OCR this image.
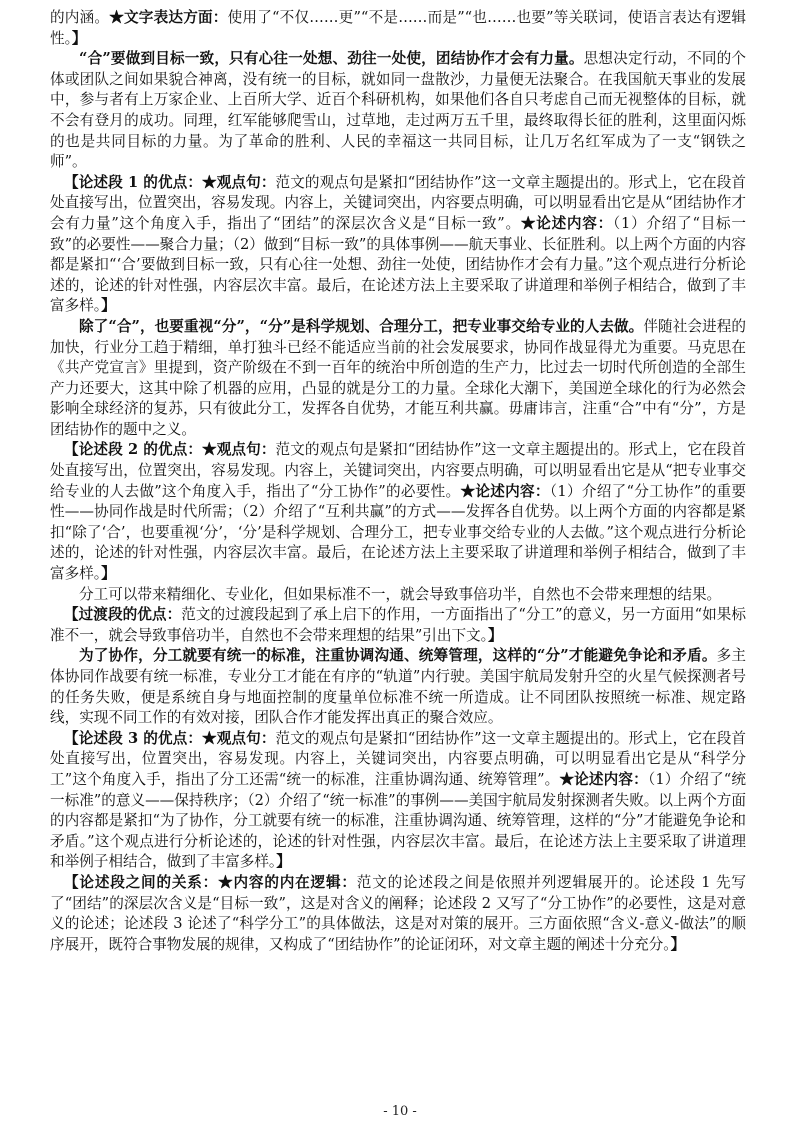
的内涵。★文字表达方面：使用了“不仅……更”“不是……而是”“也……也要”等关联词，使语言表达有逻辑性。】

“合”要做到目标一致，只有心往一处想、劲往一处使，团结协作才会有力量。思想决定行动，不同的个体或团队之间如果貌合神离，没有统一的目标，就如同一盘散沙，力量便无法聚合。在我国航天事业的发展中，参与者有上万家企业、上百所大学、近百个科研机构，如果他们各自只考虑自己而无视整体的目标，就不会有登月的成功。同理，红军能够爬雪山，过草地，走过两万五千里，最终取得长征的胜利，这里面闪烁的也是共同目标的力量。为了革命的胜利、人民的幸福这一共同目标，让几万名红军成为了一支“钢铁之师”。

【论述段 1 的优点：★观点句：范文的观点句是紧扣“团结协作”这一文章主题提出的。形式上，它在段首处直接写出，位置突出，容易发现。内容上，关键词突出，内容要点明确，可以明显看出它是从“团结协作才会有力量”这个角度入手，指出了“团结”的深层次含义是“目标一致”。★论述内容：（1）介绍了“目标一致”的必要性——聚合力量；（2）做到“目标一致”的具体事例——航天事业、长征胜利。以上两个方面的内容都是紧扣“‘合’要做到目标一致，只有心往一处想、劲往一处使，团结协作才会有力量。”这个观点进行分析论述的，论述的针对性强，内容层次丰富。最后，在论述方法上主要采取了讲道理和举例子相结合，做到了丰富多样。】

除了“合”，也要重视“分”，“分”是科学规划、合理分工，把专业事交给专业的人去做。伴随社会进程的加快，行业分工趋于精细，单打独斗已经不能适应当前的社会发展要求，协同作战显得尤为重要。马克思在《共产党宣言》里提到，资产阶级在不到一百年的统治中所创造的生产力，比过去一切时代所创造的全部生产力还要大，这其中除了机器的应用，凸显的就是分工的力量。全球化大潮下，美国逆全球化的行为必然会影响全球经济的复苏，只有彼此分工，发挥各自优势，才能互利共赢。毋庸讳言，注重“合”中有“分”，方是团结协作的题中之义。

【论述段 2 的优点：★观点句：范文的观点句是紧扣“团结协作”这一文章主题提出的。形式上，它在段首处直接写出，位置突出，容易发现。内容上，关键词突出，内容要点明确，可以明显看出它是从“把专业事交给专业的人去做”这个角度入手，指出了“分工协作”的必要性。★论述内容：（1）介绍了“分工协作”的重要性——协同作战是时代所需；（2）介绍了“互利共赢”的方式——发挥各自优势。以上两个方面的内容都是紧扣“除了‘合’，也要重视‘分’，‘分’是科学规划、合理分工，把专业事交给专业的人去做。”这个观点进行分析论述的，论述的针对性强，内容层次丰富。最后，在论述方法上主要采取了讲道理和举例子相结合，做到了丰富多样。】

分工可以带来精细化、专业化，但如果标准不一，就会导致事倍功半，自然也不会带来理想的结果。

【过渡段的优点：范文的过渡段起到了承上启下的作用，一方面指出了“分工”的意义，另一方面用“如果标准不一，就会导致事倍功半，自然也不会带来理想的结果”引出下文。】

为了协作，分工就要有统一的标准，注重协调沟通、统筹管理，这样的“分”才能避免争论和矛盾。多主体协同作战要有统一标准，专业分工才能在有序的“轨道”内行驶。美国宇航局发射升空的火星气候探测者号的任务失败，便是系统自身与地面控制的度量单位标准不统一所造成。让不同团队按照统一标准、规定路线，实现不同工作的有效对接，团队合作才能发挥出真正的聚合效应。

【论述段 3 的优点：★观点句：范文的观点句是紧扣“团结协作”这一文章主题提出的。形式上，它在段首处直接写出，位置突出，容易发现。内容上，关键词突出，内容要点明确，可以明显看出它是从“科学分工”这个角度入手，指出了分工还需“统一的标准，注重协调沟通、统筹管理”。★论述内容：（1）介绍了“统一标准”的意义——保持秩序；（2）介绍了“统一标准”的事例——美国宇航局发射探测者失败。以上两个方面的内容都是紧扣“为了协作，分工就要有统一的标准，注重协调沟通、统筹管理，这样的“分”才能避免争论和矛盾。”这个观点进行分析论述的，论述的针对性强，内容层次丰富。最后，在论述方法上主要采取了讲道理和举例子相结合，做到了丰富多样。】

【论述段之间的关系：★内容的内在逻辑：范文的论述段之间是依照并列逻辑展开的。论述段 1 先写了“团结”的深层次含义是“目标一致”，这是对含义的阐释；论述段 2 又写了“分工协作”的必要性，这是对意义的论述；论述段 3 论述了“科学分工”的具体做法，这是对对策的展开。三方面依照“含义-意义-做法”的顺序展开，既符合事物发展的规律，又构成了“团结协作”的论证闭环，对文章主题的阐述十分充分。】

- 10 -
